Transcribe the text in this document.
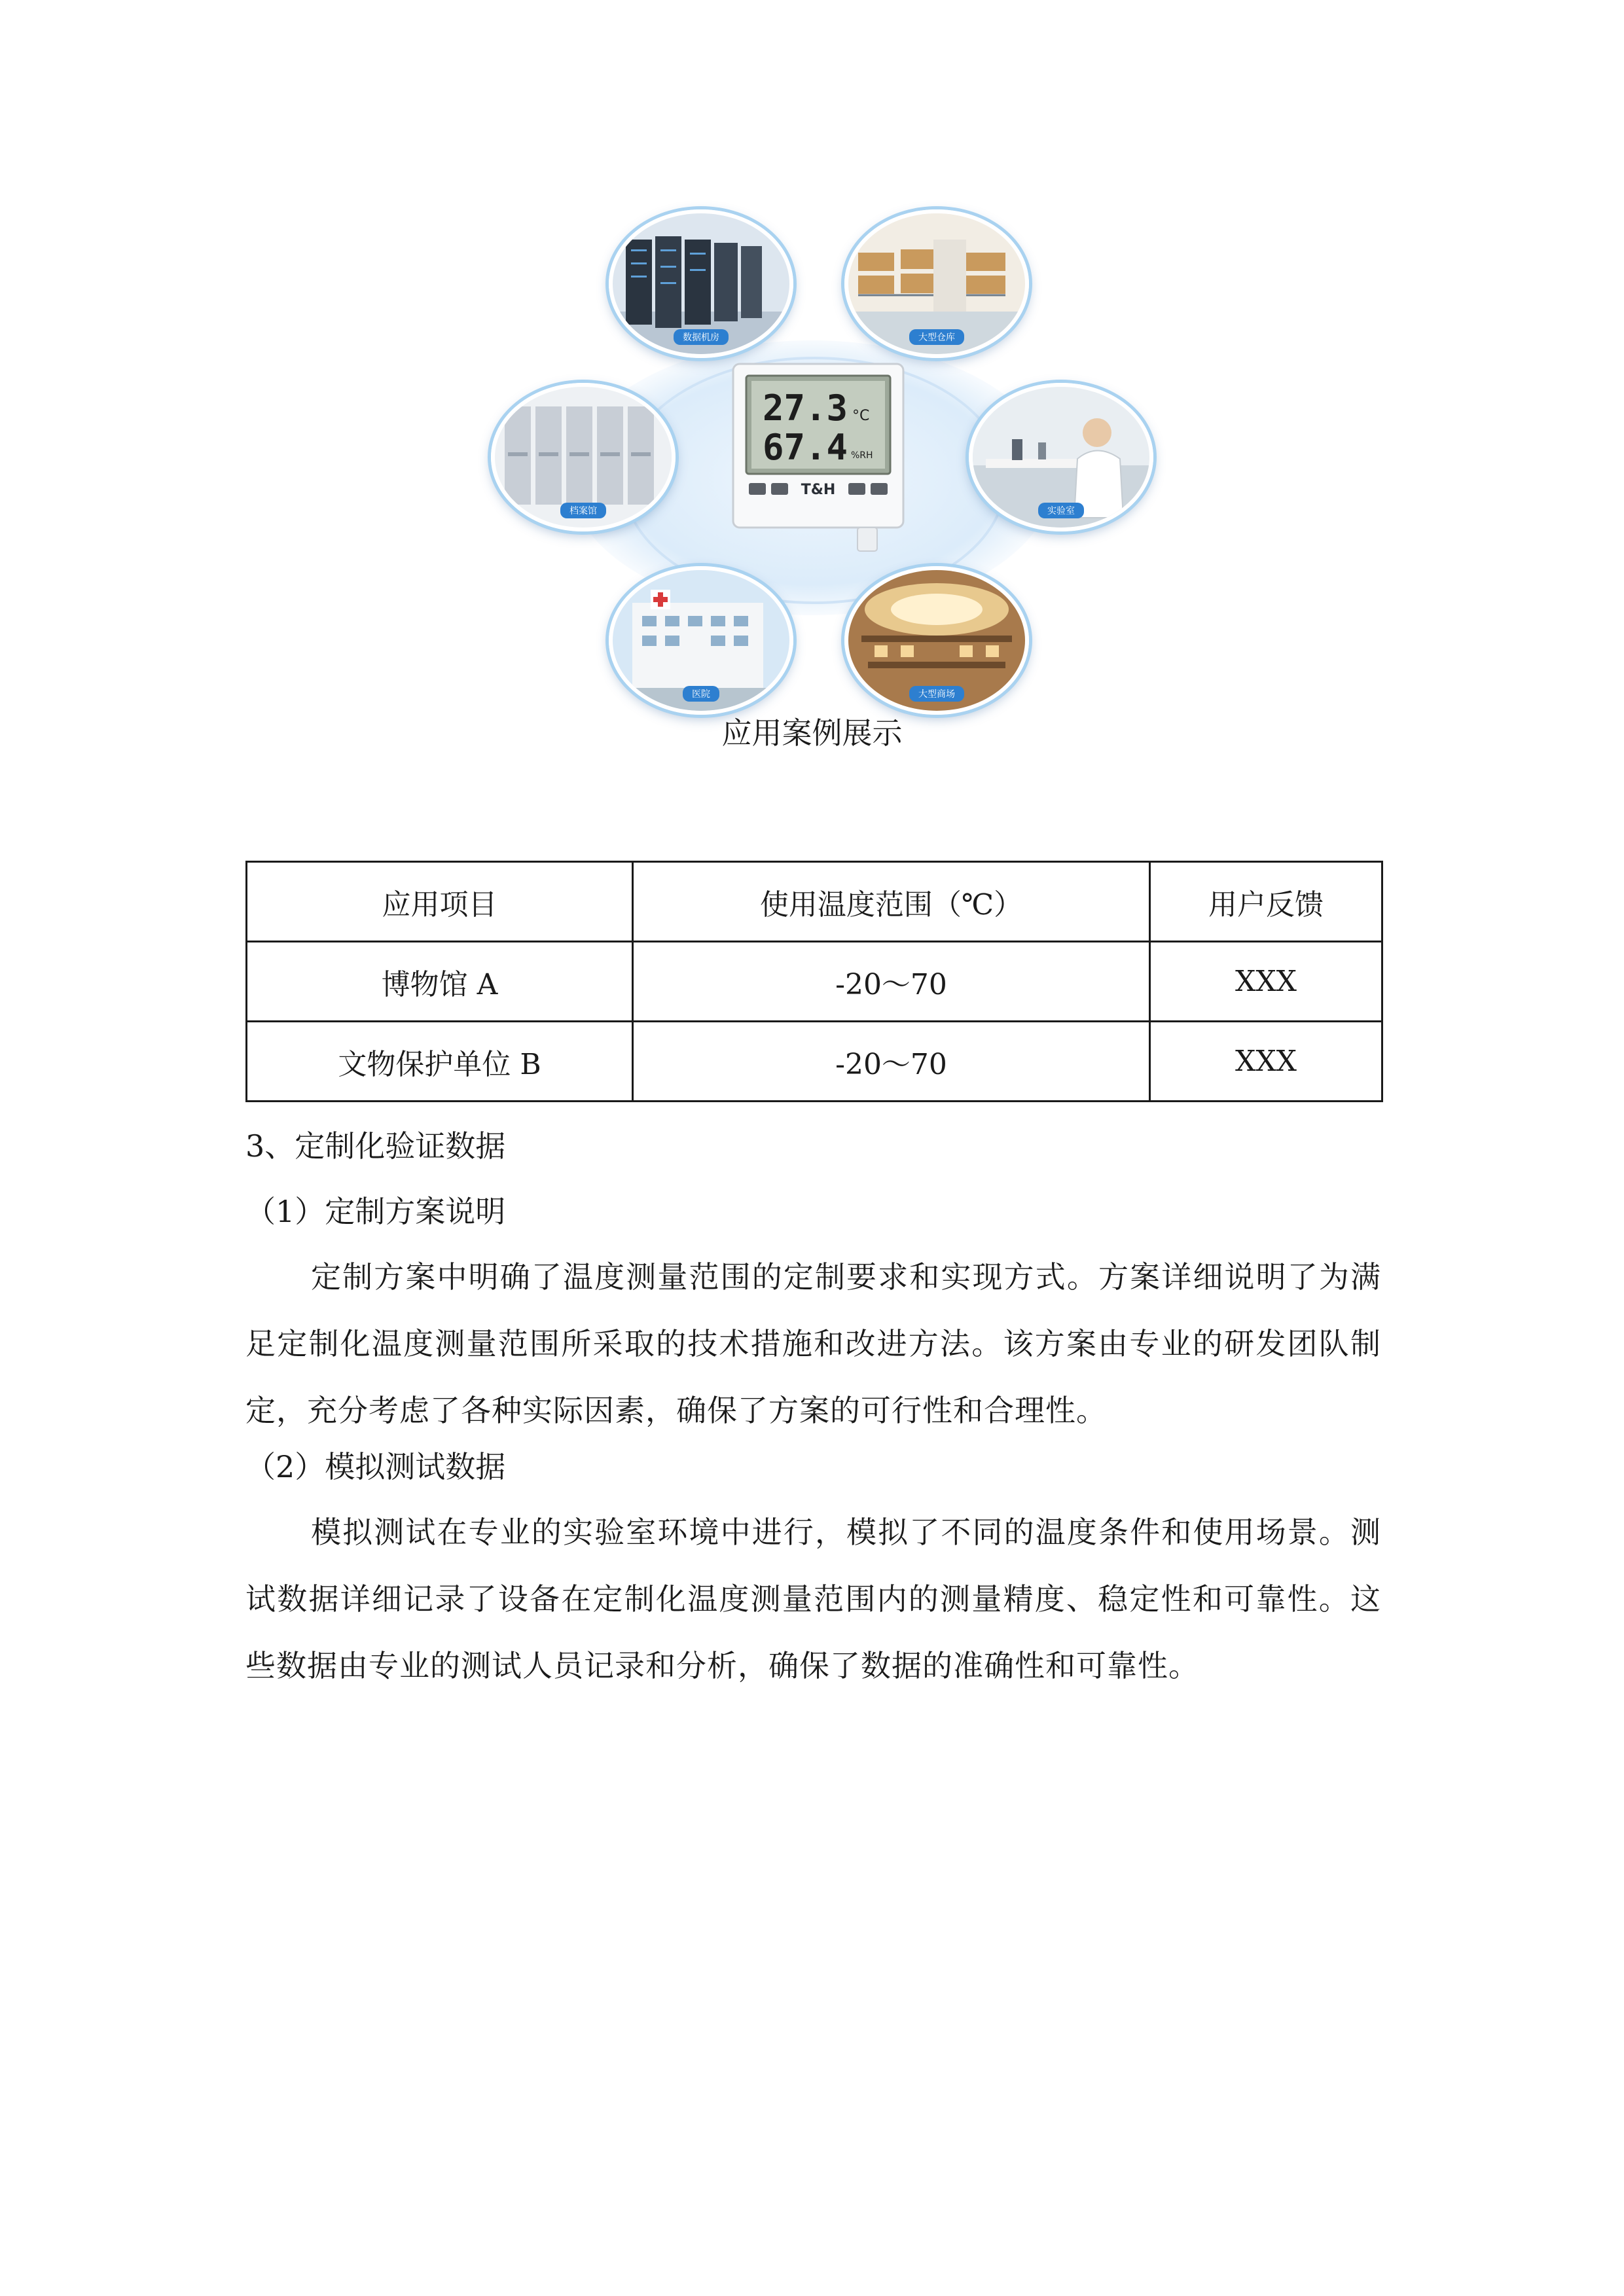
数据机房	大型仓库
档案馆	实验室
医院	大型商场
27.3 °C
67.4 %RH
T&H
应用案例展示
应用项目	使用温度范围（℃）	用户反馈
博物馆 A	-20～70	XXX
文物保护单位 B	-20～70	XXX
3、定制化验证数据
（1）定制方案说明
定制方案中明确了温度测量范围的定制要求和实现方式。方案详细说明了为满足定制化温度测量范围所采取的技术措施和改进方法。该方案由专业的研发团队制定，充分考虑了各种实际因素，确保了方案的可行性和合理性。
（2）模拟测试数据
模拟测试在专业的实验室环境中进行，模拟了不同的温度条件和使用场景。测试数据详细记录了设备在定制化温度测量范围内的测量精度、稳定性和可靠性。这些数据由专业的测试人员记录和分析，确保了数据的准确性和可靠性。
